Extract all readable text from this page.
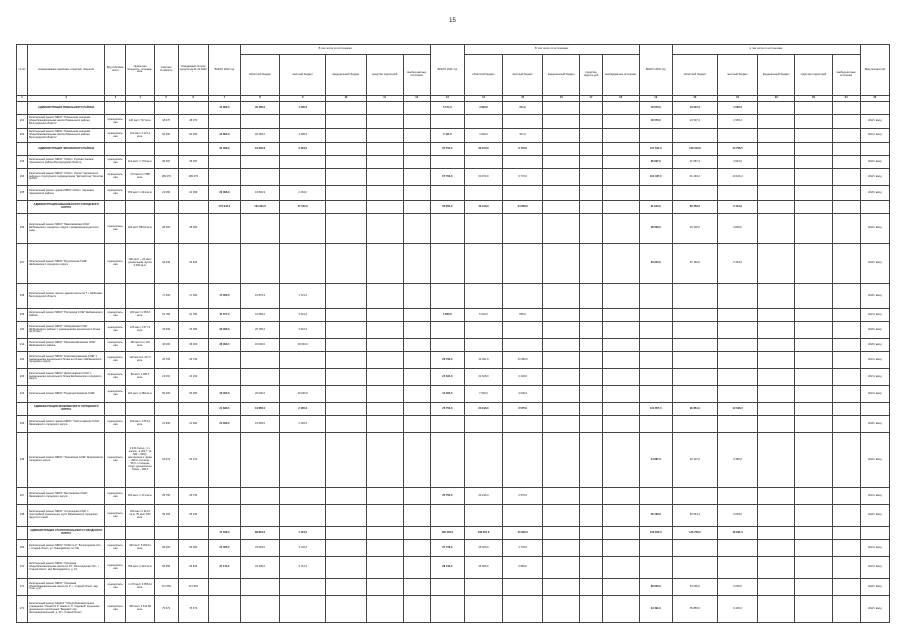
15
№ п/п	Наименование заказчика, отраслей, объектов	Вид собствен-ности	Проектная мощность, площадь, кв.м.	Сметная стоимость	Ожидаемый остаток средств на 01.01.2020 г.	ВСЕГО 2020 год	В том числе по источникам:					ВСЕГО 2021 год	В том числе по источникам:					ВСЕГО 2022 год	в том числе по источникам:					Ввод мощностей
							областной бюджет	местный бюджет	федеральный бюджет	средства территорий	внебюд-жетные источники		областной бюджет	местный бюджет	федеральный бюджет	средства террито-рий	внебюджетные источники		областной бюджет	местный бюджет	федеральный бюджет	средства территорий	внебюд-жетные источники	
1	2	3	4	5	6	7	8	9	10	11	12	13	14	15	16	17	18	19	20	21	22	23	24	25
	АДМИНИСТРАЦИЯ РОВЕНЬСКОГО РАЙОНА					44 860,0	40 465,0	4 495,0				5 171,0	4 600,0	511,0				18 070,0	16 507,3	1 565,2				
231	Капитальный ремонт МБОУ "Ровеньская основная общеобразовательная школа Ровеньского района Белгородской области"	муниципаль-ная	120 мест 747 кв.м.	18 070	18 070													18 070,0	16 507,3	1 565,2				2022г. ввод
232	Капитальный ремонт МБОУ "Ровеньская основная общеобразовательная школа Ровеньского района Белгородской области"	муниципаль-ная	120 мест 4 127,4 кв.м.	50 000	50 000	44 860,0	40 465,0	4 495,0				5 111,0	4 600,0	511,0										2021г. ввод
	АДМИНИСТРАЦИЯ ЧЕРНЯНСКОГО РАЙОНА					22 096,9	19 832,9	2 264,0				67 700,0	60 970,0	6 770,0				137 534,0	123 316,8	13 758,5				
233	Капитальный ремонт МБОУ "СОШ с. Русская Халань" Чернянского района Белгородской области	муниципаль-ная	113 мест 1 779 кв.м.	36 097	36 097													36 097,0	31 687,3	3 543,0				2022г. ввод
234	Капитальный ремонт МБОУ "СОШ с. Орлик" Чернянского района и структурного подразделения "Детский сад "Золотая рыбка"	муниципаль-ная	274 места 7 888 кв.м.	189 379	189 379							67 700,0	60 970,0	6 770,0				101 037,0	91 493,2	10 163,2				2022г. ввод
235	Капитальный ремонт здания МБОУ СОШ п. Чернянка Чернянского района	муниципаль-ная	150 мест 1 241 кв.м.	22 096	22 096	22 096,9	19 832,9	2 264,0																2020г. ввод
	АДМИНИСТРАЦИЯ ШЕБЕКИНСКОГО ГОРОДСКОГО ОКРУГА					172 943,0	124 931,0	47 012,0				65 265,0	40 319,0	24 289,0				91 943,0	82 356,0	9 154,0				
236	Капитальный ремонт МБОУ "Максимовская СОШ" Шебекинского городского округа с размещением детского сада	муниципаль-ная	100 мест 883,8 кв.м.	28 000	28 000													28 000,0	25 200,0	2 800,0				2022г. ввод
237	Капитальный ремонт МБОУ "Бузулевская СОШ" Шебекинского городского округа	муниципаль-ная	100 мест + 20 мест дошкольная группа 3 036 кв.м.	63 943	63 943													63 943,0	57 166,0	6 354,0				2022г. ввод
238	Капитальный ремонт жилого здания школы № 7 г. Шебекино Белгородской области			17 000	17 000	17 000,0	15 879,2	1 721,0																2020г. ввод
239	Капитальный ремонт МБОУ "Поповская СОШ" Шебекинского района	муниципаль-ная	320 мест 2 253,6 кв.м.	51 782	51 782	45 577,0	41 086,0	4 521,0				5 905,0	5 010,0	895,0										2021г. ввод
240	Капитальный ремонт МБОУ "Зиборовская СОШ" Шебекинского района" с размещением дошкольного блока на 20 мест	муниципаль-ная	125 мест 1 577,3 кв.м.	33 096	33 096	33 096,0	29 786,0	3 310,0																2020г. ввод
241	Капитальный ремонт МБОУ "Маломихайловская СОШ" Шебекинского района	муниципаль-ная	160 места 2 104 кв.м.	36 000	36 000	36 000,0	15 000,0	18 000,0																2020г. ввод
242	Капитальный ремонт МБОУ "Новотаволжанская СОШ" с размещением дошкольного блока на 20 мест Шебекинского городского округа	муниципаль-ная	120 места 1 217,6 кв.м.	26 793	26 793							26 793,0	14 091,0	10 380,0										2021г. ввод
243	Капитальный ремонт МБОУ "Дмитриевская СОШ" с размещением дошкольного блока Шебекинского городского округа	муниципаль-ная	80 мест 1 085,3 кв.м.	24 031	24 031							24 031,0	21 628,0	2 403,0										2021г. ввод
244	Капитальный ремонт МБОУ "Первоцепляевская СОШ"	муниципаль-ная	220 мест 4 280 кв.м.	50 000	50 000	40 000,0	20 000,0	20 000,0				10 000,0	7 000,0	3 000,0										2021г. ввод
	АДМИНИСТРАЦИЯ ЯКОВЛЕВСКОГО ГОРОДСКОГО ОКРУГА					21 830,0	19 665,0	2 165,0				25 750,0	23 196,0	2 575,0				101 857,0	90 851,0	10 196,0				
245	Капитальный ремонт здания МБОУ "Святославская СОШ" Яковлевского городского округа	муниципаль-ная	150 мест 1 051,9 кв.м.	21 830	21 830	21 830,0	19 665,0	2 165,0																2020г. ввод
246	Капитальный ремонт МБОУ "Терновская СОШ" Яковлевского городского округа	муниципаль-ная	3 161,9 кв.м. (т.ч. школа - 2 464,7, (2 562 – 600)); мастерская и гараж – 494,2; теплица – 56,6 + площадь спорт. дошкольного блока – 190,4	62 074	62 074													44 887,0	40 407,0	4 480,0				2022г. ввод
247	Капитальный ремонт МБОУ "Бехтеевская СОШ" Яковлевского городского округа	муниципаль-ная	150 мест 1 171 кв.м.	25 750	25 750							25 750,0	23 196,0	2 575,0										2021г. ввод
248	Капитальный ремонт МБОУ "Стрелецкая СОШ" с пристройкой дошкольных групп Яковлевского городского округа (2 этапа)	муниципаль-ная	180 мест 2 311,6 кв.м. 75 мест 183 кв.м.	56 193	56 193													56 193,0	50 544,3	5 618,0				2022г. ввод
	АДМИНИСТРАЦИЯ СТАРООСКОЛЬСКОГО ГОРОДСКОГО ОКРУГА					74 536,0	68 824,0	7 424,0				165 487,0	138 597,0	15 936,0				152 935,0	146 756,0	16 291,0				
269	Капитальный ремонт МБОУ "ООШ № 3", Белгородская обл., г. Старый Оскол, ул. Гражданская, № 70а	муниципаль-ная	640 мест 5 450,11 кв.м.	65 000	65 000	37 325,0	33 593,0	3 732,0				27 778,0	25 000,0	2 778,0										2021г. ввод
270	Капитальный ремонт МБОУ "Основная общеобразовательная школа № 15", Белгородская обл., г. Старый Оскол, мкр Володарского, д. 13	муниципаль-ная	786 мест 2 410 кв.м.	65 656	65 656	37 115,0	33 496,0	3 712,0				28 443,0	25 959,0	2 884,0										2021г. ввод
271	Капитальный ремонт МБОУ "Основная общеобразовательная школа № 2", г. Старый Оскол, мкр Углы, д.17	муниципаль-ная	1 176 мест 6 656,11 кв.м.	172 653	172 653													69 000,0	54 000,0	6 000,0				2022г. ввод
272	Капитальный ремонт МАДОУ "Общеобразовательное учреждение "Лицей № 3" имени С.П. Угаровой" отделение дошкольного воспитания "Березка" пер. Интернациональный, д. 43 г. Старый Оскол	муниципаль-ная	350 мест 3 614,89 кв.м.	76 673	76 673													24 391,0	55 855,0	6 436,0				2022г. ввод
